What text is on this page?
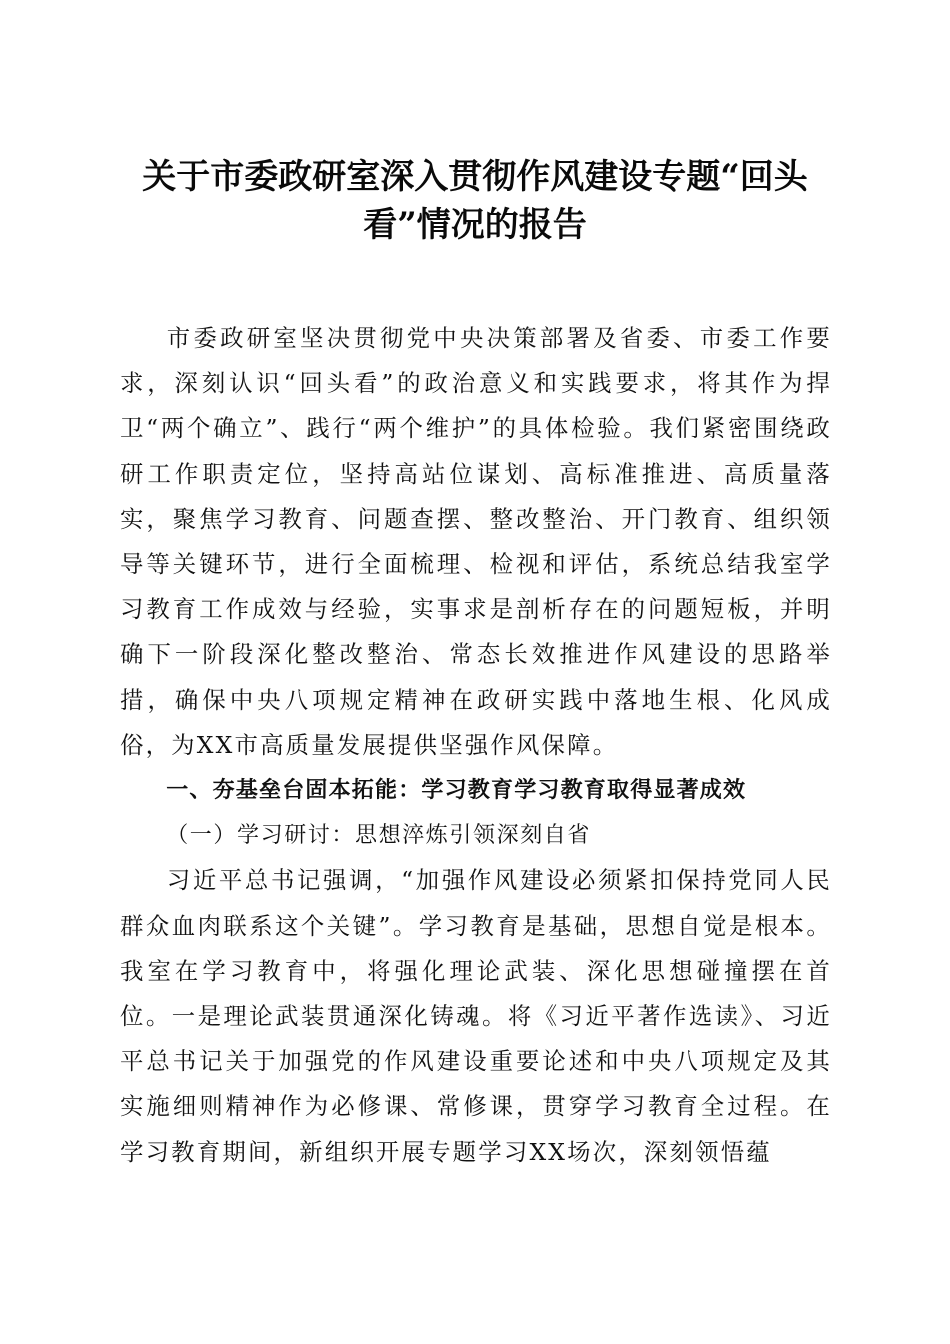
关于市委政研室深入贯彻作风建设专题“回头看”情况的报告

市委政研室坚决贯彻党中央决策部署及省委、市委工作要求，深刻认识“回头看”的政治意义和实践要求，将其作为捍卫“两个确立”、践行“两个维护”的具体检验。我们紧密围绕政研工作职责定位，坚持高站位谋划、高标准推进、高质量落实，聚焦学习教育、问题查摆、整改整治、开门教育、组织领导等关键环节，进行全面梳理、检视和评估，系统总结我室学习教育工作成效与经验，实事求是剖析存在的问题短板，并明确下一阶段深化整改整治、常态长效推进作风建设的思路举措，确保中央八项规定精神在政研实践中落地生根、化风成俗，为XX市高质量发展提供坚强作风保障。

一、夯基垒台固本拓能：学习教育学习教育取得显著成效

（一）学习研讨：思想淬炼引领深刻自省

习近平总书记强调，“加强作风建设必须紧扣保持党同人民群众血肉联系这个关键”。学习教育是基础，思想自觉是根本。我室在学习教育中，将强化理论武装、深化思想碰撞摆在首位。一是理论武装贯通深化铸魂。将《习近平著作选读》、习近平总书记关于加强党的作风建设重要论述和中央八项规定及其实施细则精神作为必修课、常修课，贯穿学习教育全过程。在学习教育期间，新组织开展专题学习XX场次，深刻领悟蕴
